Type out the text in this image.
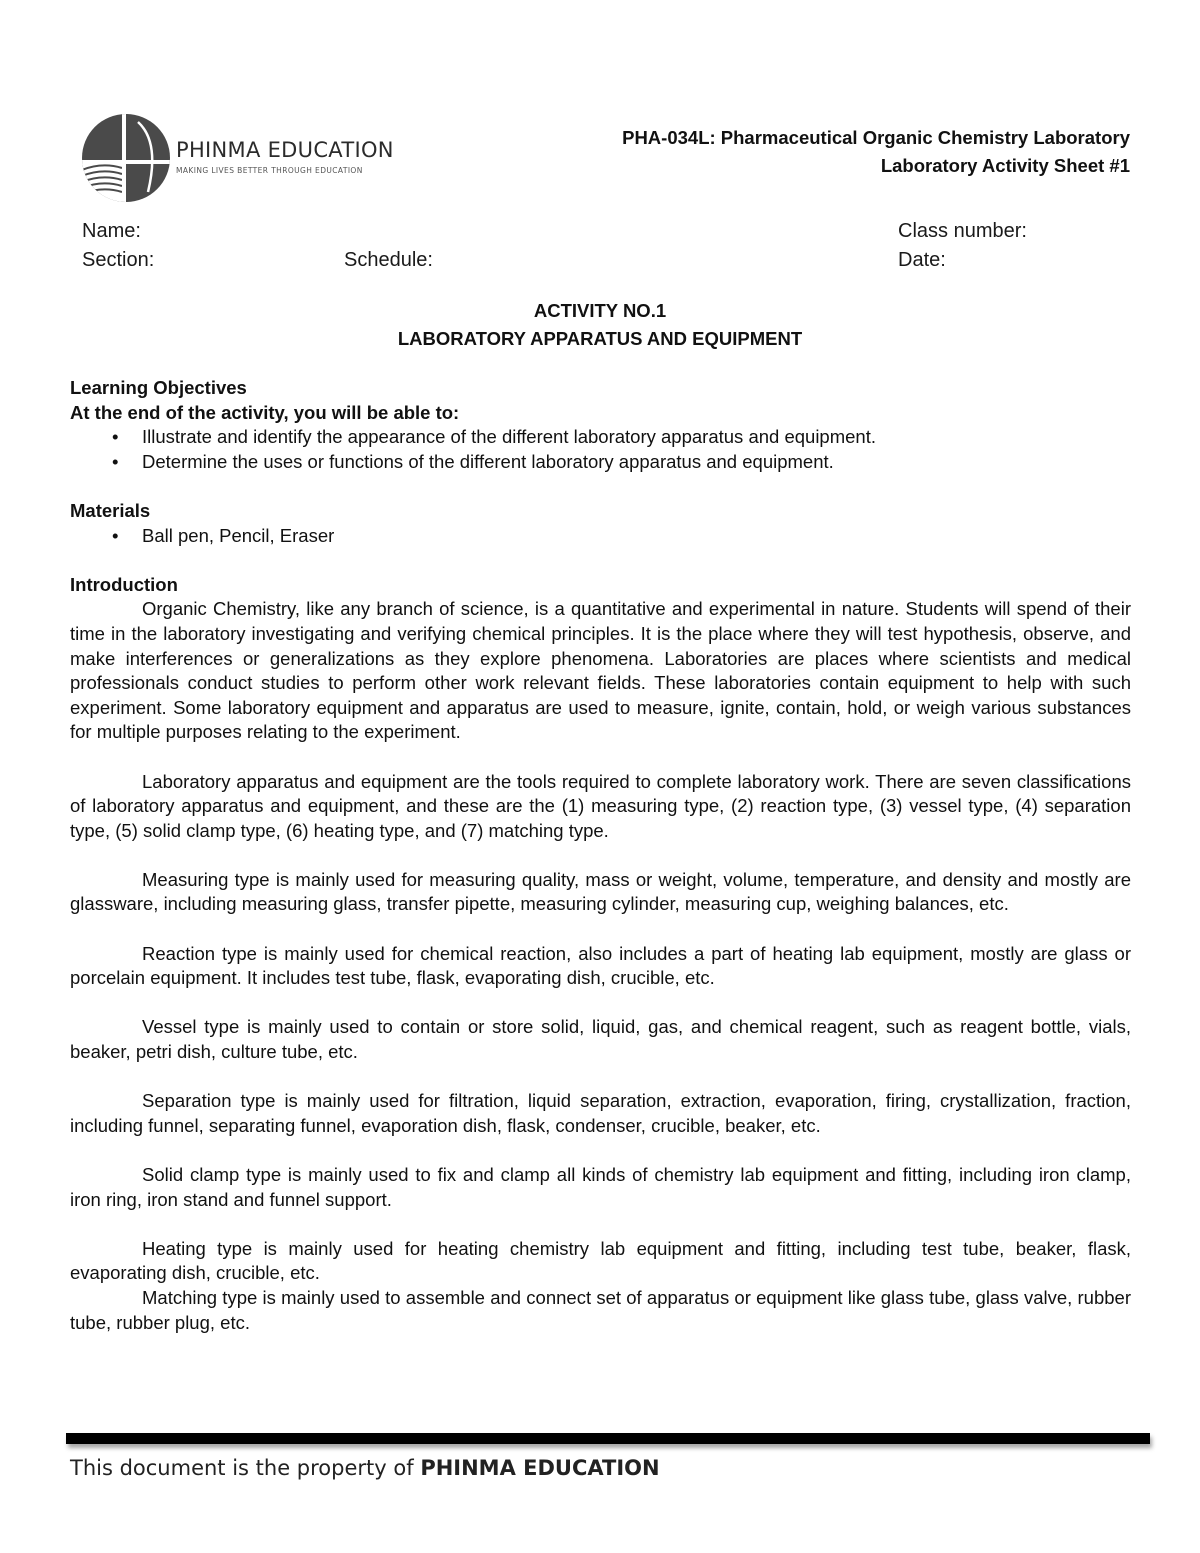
PHINMA EDUCATION
MAKING LIVES BETTER THROUGH EDUCATION
PHA-034L: Pharmaceutical Organic Chemistry Laboratory
Laboratory Activity Sheet #1
Name:	Class number:
Section:	Schedule:	Date:
ACTIVITY NO.1
LABORATORY APPARATUS AND EQUIPMENT

Learning Objectives

At the end of the activity, you will be able to:

• Illustrate and identify the appearance of the different laboratory apparatus and equipment.
• Determine the uses or functions of the different laboratory apparatus and equipment.

Materials

• Ball pen, Pencil, Eraser

Introduction

Organic Chemistry, like any branch of science, is a quantitative and experimental in nature. Students will spend of their time in the laboratory investigating and verifying chemical principles. It is the place where they will test hypothesis, observe, and make interferences or generalizations as they explore phenomena. Laboratories are places where scientists and medical professionals conduct studies to perform other work relevant fields. These laboratories contain equipment to help with such experiment. Some laboratory equipment and apparatus are used to measure, ignite, contain, hold, or weigh various substances for multiple purposes relating to the experiment.

Laboratory apparatus and equipment are the tools required to complete laboratory work. There are seven classifications of laboratory apparatus and equipment, and these are the (1) measuring type, (2) reaction type, (3) vessel type, (4) separation type, (5) solid clamp type, (6) heating type, and (7) matching type.

Measuring type is mainly used for measuring quality, mass or weight, volume, temperature, and density and mostly are glassware, including measuring glass, transfer pipette, measuring cylinder, measuring cup, weighing balances, etc.

Reaction type is mainly used for chemical reaction, also includes a part of heating lab equipment, mostly are glass or porcelain equipment. It includes test tube, flask, evaporating dish, crucible, etc.

Vessel type is mainly used to contain or store solid, liquid, gas, and chemical reagent, such as reagent bottle, vials, beaker, petri dish, culture tube, etc.

Separation type is mainly used for filtration, liquid separation, extraction, evaporation, firing, crystallization, fraction, including funnel, separating funnel, evaporation dish, flask, condenser, crucible, beaker, etc.

Solid clamp type is mainly used to fix and clamp all kinds of chemistry lab equipment and fitting, including iron clamp, iron ring, iron stand and funnel support.

Heating type is mainly used for heating chemistry lab equipment and fitting, including test tube, beaker, flask, evaporating dish, crucible, etc.

Matching type is mainly used to assemble and connect set of apparatus or equipment like glass tube, glass valve, rubber tube, rubber plug, etc.

This document is the property of PHINMA EDUCATION
